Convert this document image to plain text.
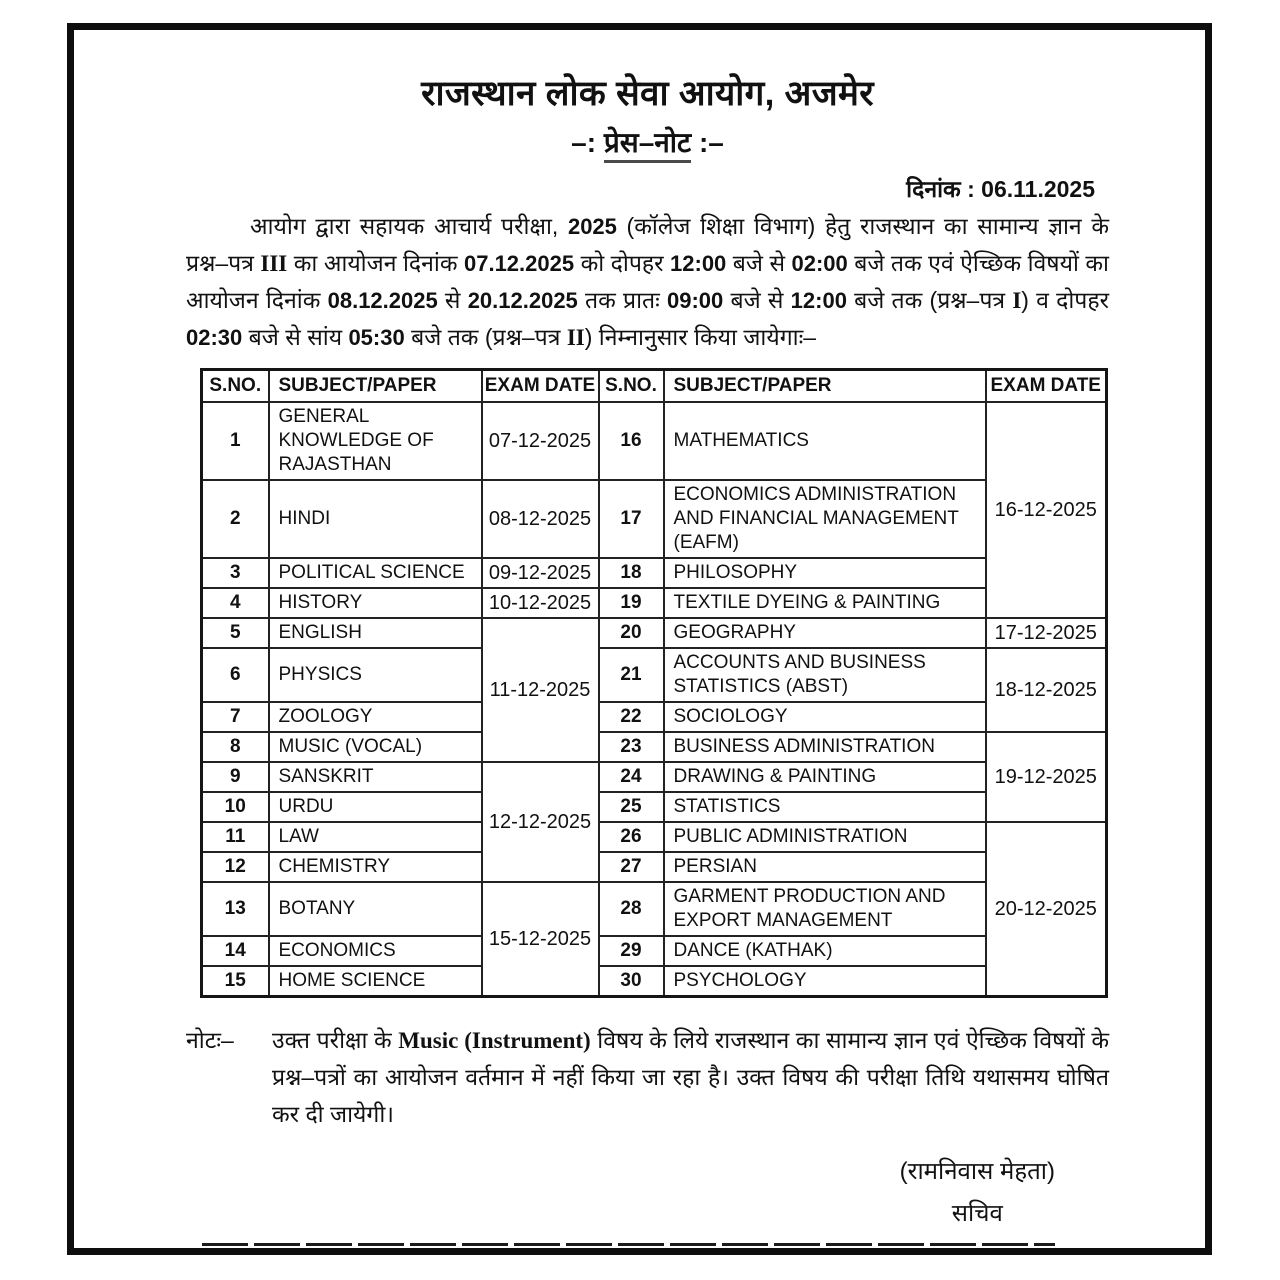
राजस्थान लोक सेवा आयोग, अजमेर
–: प्रेस–नोट :–
दिनांक : 06.11.2025

आयोग द्वारा सहायक आचार्य परीक्षा, 2025 (कॉलेज शिक्षा विभाग) हेतु राजस्थान का सामान्य ज्ञान के प्रश्न–पत्र III का आयोजन दिनांक 07.12.2025 को दोपहर 12:00 बजे से 02:00 बजे तक एवं ऐच्छिक विषयों का आयोजन दिनांक 08.12.2025 से 20.12.2025 तक प्रातः 09:00 बजे से 12:00 बजे तक (प्रश्न–पत्र I) व दोपहर 02:30 बजे से सांय 05:30 बजे तक (प्रश्न–पत्र II) निम्नानुसार किया जायेगाः–

S.NO.	SUBJECT/PAPER	EXAM DATE	S.NO.	SUBJECT/PAPER	EXAM DATE
1	GENERAL KNOWLEDGE OF RAJASTHAN	07-12-2025	16	MATHEMATICS	16-12-2025
2	HINDI	08-12-2025	17	ECONOMICS ADMINISTRATION AND FINANCIAL MANAGEMENT (EAFM)	
3	POLITICAL SCIENCE	09-12-2025	18	PHILOSOPHY	
4	HISTORY	10-12-2025	19	TEXTILE DYEING & PAINTING	
5	ENGLISH	11-12-2025	20	GEOGRAPHY	17-12-2025
6	PHYSICS		21	ACCOUNTS AND BUSINESS STATISTICS (ABST)	18-12-2025
7	ZOOLOGY		22	SOCIOLOGY	
8	MUSIC (VOCAL)		23	BUSINESS ADMINISTRATION	19-12-2025
9	SANSKRIT	12-12-2025	24	DRAWING & PAINTING	
10	URDU		25	STATISTICS	
11	LAW		26	PUBLIC ADMINISTRATION	20-12-2025
12	CHEMISTRY		27	PERSIAN	
13	BOTANY	15-12-2025	28	GARMENT PRODUCTION AND EXPORT MANAGEMENT	
14	ECONOMICS		29	DANCE (KATHAK)	
15	HOME SCIENCE		30	PSYCHOLOGY	
नोटः– उक्त परीक्षा के Music (Instrument) विषय के लिये राजस्थान का सामान्य ज्ञान एवं ऐच्छिक विषयों के प्रश्न–पत्रों का आयोजन वर्तमान में नहीं किया जा रहा है। उक्त विषय की परीक्षा तिथि यथासमय घोषित कर दी जायेगी।
(रामनिवास मेहता)
सचिव
